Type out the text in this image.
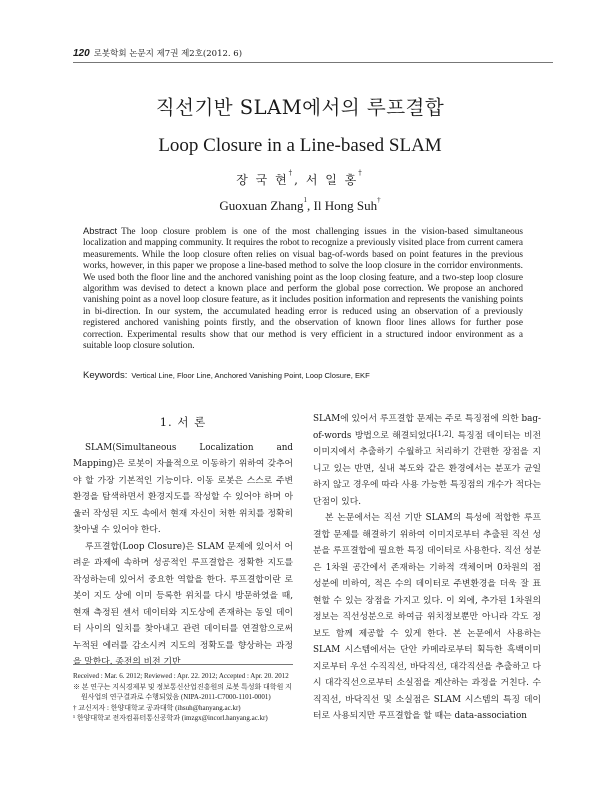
120 로봇학회 논문지 제7권 제2호(2012. 6)
직선기반 SLAM에서의 루프결합
Loop Closure in a Line-based SLAM
장 국 현†, 서 일 홍†
Guoxuan Zhang$^1$, Il Hong Suh†
Abstract The loop closure problem is one of the most challenging issues in the vision-based simultaneous localization and mapping community. It requires the robot to recognize a previously visited place from current camera measurements. While the loop closure often relies on visual bag-of-words based on point features in the previous works, however, in this paper we propose a line-based method to solve the loop closure in the corridor environments. We used both the floor line and the anchored vanishing point as the loop closing feature, and a two-step loop closure algorithm was devised to detect a known place and perform the global pose correction. We propose an anchored vanishing point as a novel loop closure feature, as it includes position information and represents the vanishing points in bi-direction. In our system, the accumulated heading error is reduced using an observation of a previously registered anchored vanishing points firstly, and the observation of known floor lines allows for further pose correction. Experimental results show that our method is very efficient in a structured indoor environment as a suitable loop closure solution.
Keywords: Vertical Line, Floor Line, Anchored Vanishing Point, Loop Closure, EKF
1. 서 론

SLAM(Simultaneous Localization and Mapping)은 로봇이 자율적으로 이동하기 위하여 갖추어야 할 가장 기본적인 기능이다. 이동 로봇은 스스로 주변환경을 탐색하면서 환경지도를 작성할 수 있어야 하며 아울러 작성된 지도 속에서 현재 자신이 처한 위치를 정확히 찾아낼 수 있어야 한다.

루프결합(Loop Closure)은 SLAM 문제에 있어서 어려운 과제에 속하며 성공적인 루프결합은 정확한 지도를 작성하는데 있어서 중요한 역할을 한다. 루프결합이란 로봇이 지도 상에 이미 등록한 위치를 다시 방문하였을 때, 현재 측정된 센서 데이터와 지도상에 존재하는 동일 데이터 사이의 일치를 찾아내고 관련 데이터를 연결함으로써 누적된 에러를 감소시켜 지도의 정확도를 향상하는 과정을 말한다. 종전의 비전 기반

SLAM에 있어서 루프결합 문제는 주로 특징점에 의한 bag-of-words 방법으로 해결되었다[1,2]. 특징점 데이터는 비전 이미지에서 추출하기 수월하고 처리하기 간편한 장점을 지니고 있는 반면, 실내 복도와 같은 환경에서는 분포가 균일하지 않고 경우에 따라 사용 가능한 특징점의 개수가 적다는 단점이 있다.

본 논문에서는 직선 기반 SLAM의 특성에 적합한 루프결합 문제를 해결하기 위하여 이미지로부터 추출된 직선 성분을 루프결합에 필요한 특징 데이터로 사용한다. 직선 성분은 1차원 공간에서 존재하는 기하적 객체이며 0차원의 점 성분에 비하여, 적은 수의 데이터로 주변환경을 더욱 잘 표현할 수 있는 장점을 가지고 있다. 이 외에, 추가된 1차원의 정보는 직선성분으로 하여금 위치정보뿐만 아니라 각도 정보도 함께 제공할 수 있게 한다. 본 논문에서 사용하는 SLAM 시스템에서는 단안 카메라로부터 획득한 흑백이미지로부터 우선 수직직선, 바닥직선, 대각직선을 추출하고 다시 대각직선으로부터 소실점을 계산하는 과정을 거친다. 수직직선, 바닥직선 및 소실점은 SLAM 시스템의 특징 데이터로 사용되지만 루프결합을 할 때는 data-association

Received : Mar. 6. 2012; Reviewed : Apr. 22. 2012; Accepted : Apr. 20. 2012
※ 본 연구는 지식경제부 및 정보통신산업진흥원의 로봇 특성화 대학원 지원사업의 연구결과로 수행되었음 (NIPA-2011-C7000-1101-0001)
† 교신저자 : 한양대학교 공과대학 (ihsuh@hanyang.ac.kr)
¹ 한양대학교 전자컴퓨터통신공학과 (imzgx@incorl.hanyang.ac.kr)
